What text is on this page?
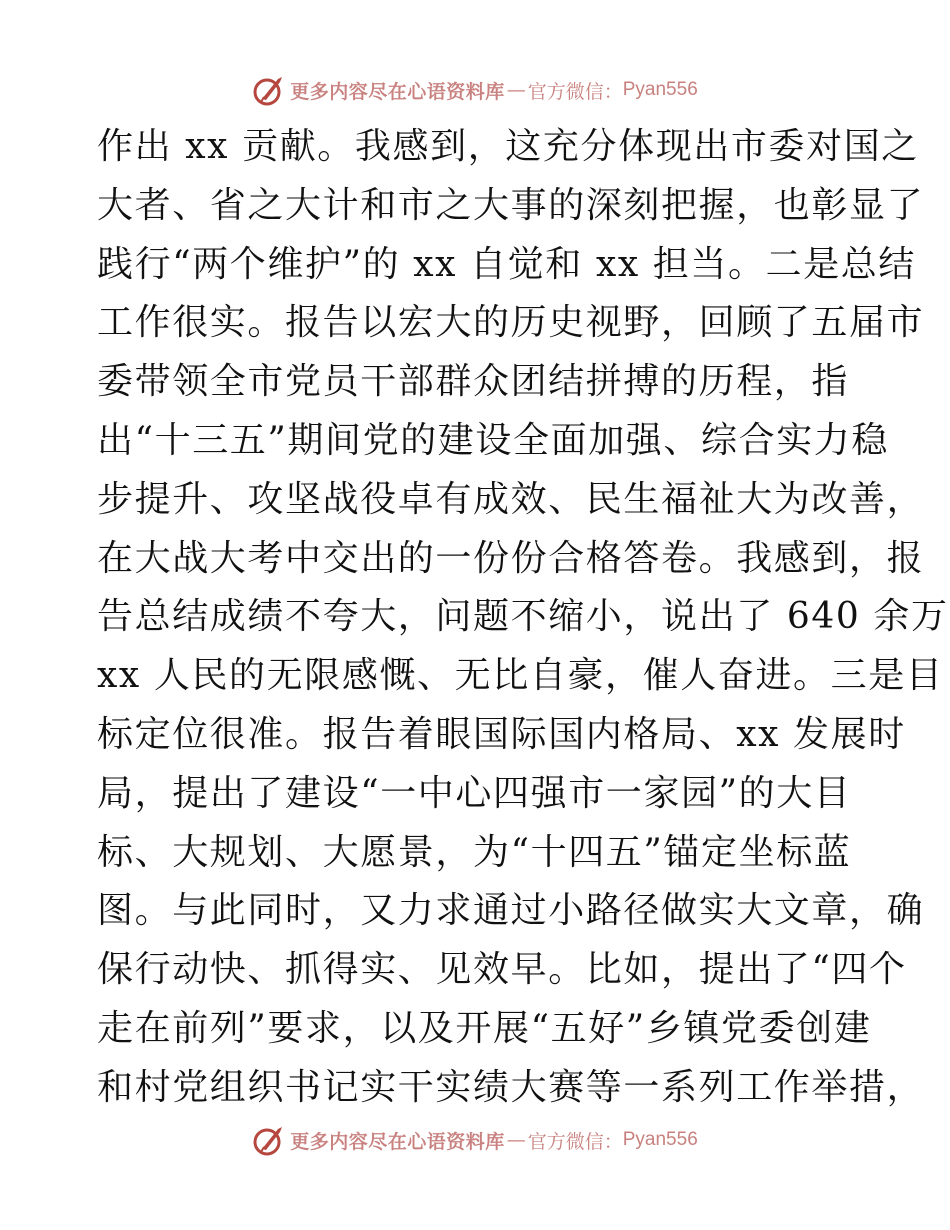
更多内容尽在心语资料库 — 官方微信： Pyan556
作出 xx 贡献。我感到，这充分体现出市委对国之
大者、省之大计和市之大事的深刻把握，也彰显了
践行“两个维护”的 xx 自觉和 xx 担当。二是总结
工作很实。报告以宏大的历史视野，回顾了五届市
委带领全市党员干部群众团结拼搏的历程，指
出“十三五”期间党的建设全面加强、综合实力稳
步提升、攻坚战役卓有成效、民生福祉大为改善，
在大战大考中交出的一份份合格答卷。我感到，报
告总结成绩不夸大，问题不缩小，说出了 640 余万
xx 人民的无限感慨、无比自豪，催人奋进。三是目
标定位很准。报告着眼国际国内格局、xx 发展时
局，提出了建设“一中心四强市一家园”的大目
标、大规划、大愿景，为“十四五”锚定坐标蓝
图。与此同时，又力求通过小路径做实大文章，确
保行动快、抓得实、见效早。比如，提出了“四个
走在前列”要求，以及开展“五好”乡镇党委创建
和村党组织书记实干实绩大赛等一系列工作举措，
更多内容尽在心语资料库 — 官方微信： Pyan556
